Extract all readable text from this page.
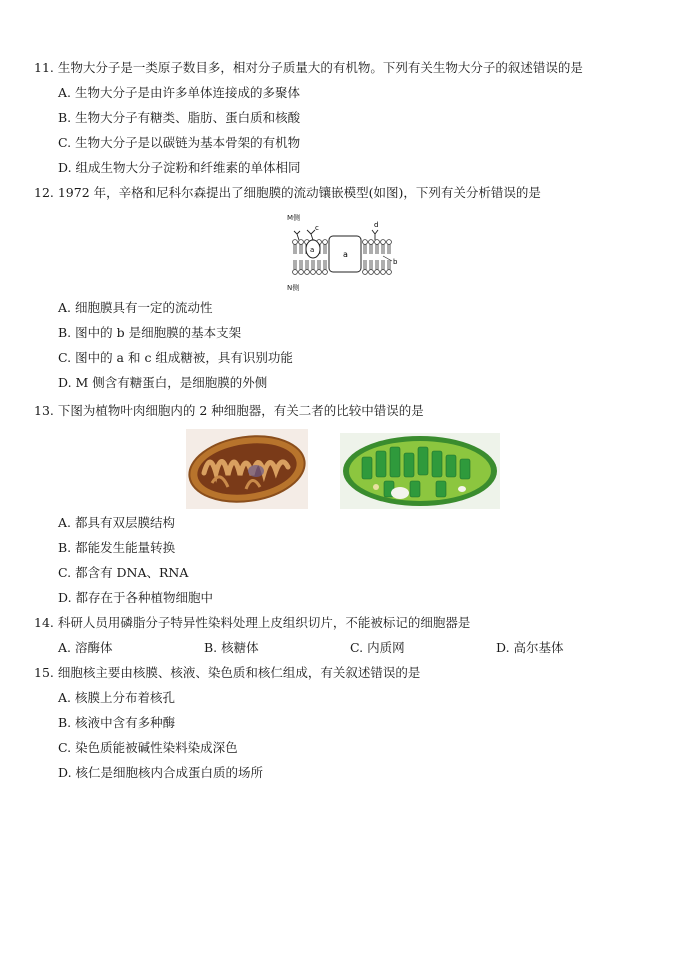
11. 生物大分子是一类原子数目多，相对分子质量大的有机物。下列有关生物大分子的叙述错误的是
A. 生物大分子是由许多单体连接成的多聚体
B. 生物大分子有糖类、脂肪、蛋白质和核酸
C. 生物大分子是以碳链为基本骨架的有机物
D. 组成生物大分子淀粉和纤维素的单体相同
12. 1972 年，辛格和尼科尔森提出了细胞膜的流动镶嵌模型(如图)，下列有关分析错误的是
M侧
N侧
a
a
c	d
b
A. 细胞膜具有一定的流动性
B. 图中的 b 是细胞膜的基本支架
C. 图中的 a 和 c 组成糖被，具有识别功能
D. M 侧含有糖蛋白，是细胞膜的外侧
13. 下图为植物叶肉细胞内的 2 种细胞器，有关二者的比较中错误的是
A. 都具有双层膜结构
B. 都能发生能量转换
C. 都含有 DNA、RNA
D. 都存在于各种植物细胞中
14. 科研人员用磷脂分子特异性染料处理上皮组织切片，不能被标记的细胞器是
A. 溶酶体	B. 核糖体	C. 内质网	D. 高尔基体
15. 细胞核主要由核膜、核液、染色质和核仁组成，有关叙述错误的是
A. 核膜上分布着核孔
B. 核液中含有多种酶
C. 染色质能被碱性染料染成深色
D. 核仁是细胞核内合成蛋白质的场所
